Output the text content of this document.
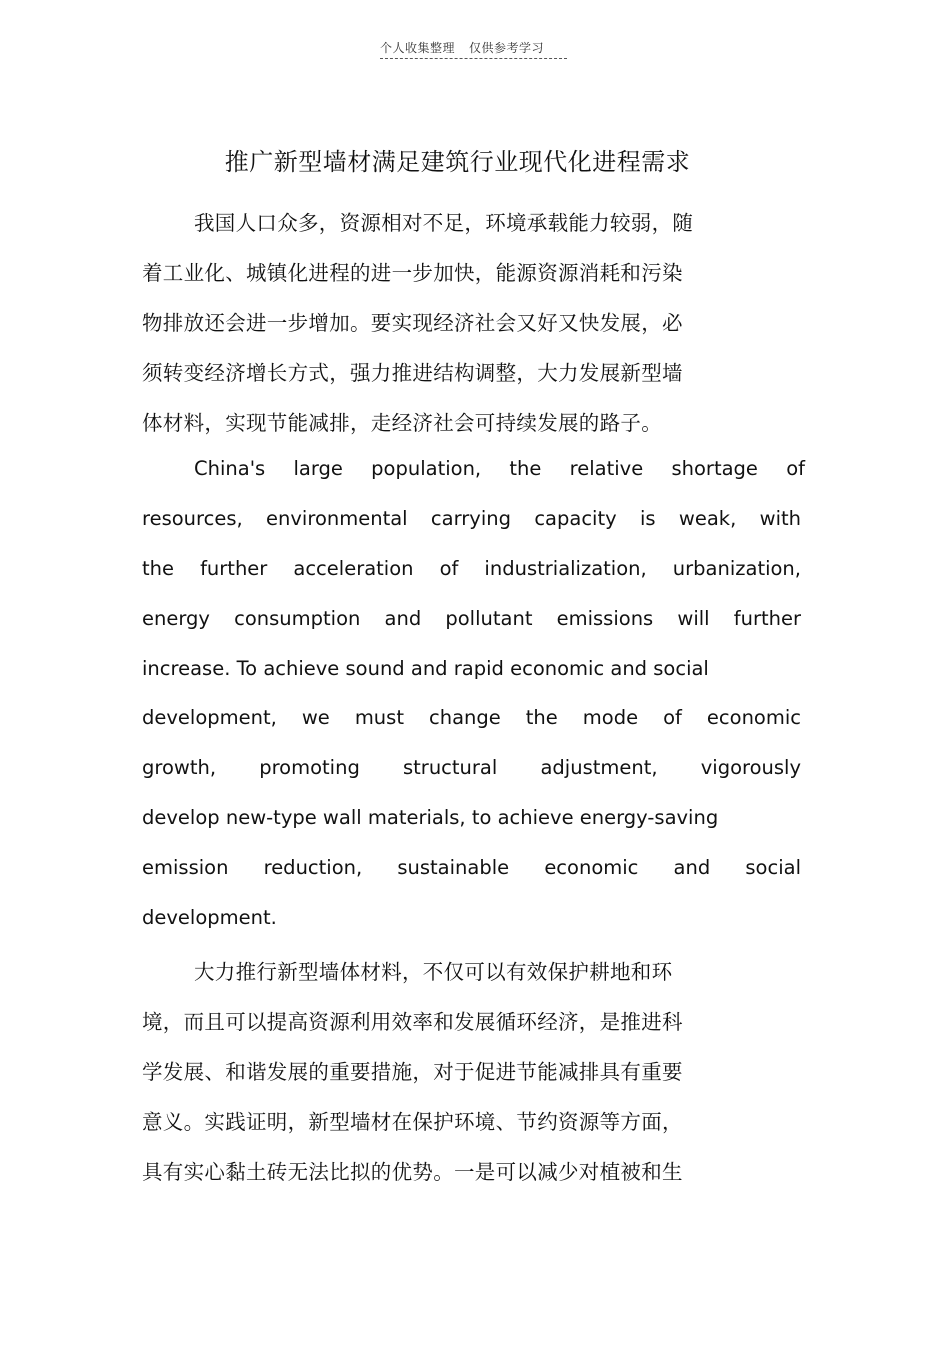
个人收集整理 仅供参考学习
推广新型墙材满足建筑行业现代化进程需求
我国人口众多，资源相对不足，环境承载能力较弱，随
着工业化、城镇化进程的进一步加快，能源资源消耗和污染
物排放还会进一步增加。要实现经济社会又好又快发展，必
须转变经济增长方式，强力推进结构调整，大力发展新型墙
体材料，实现节能减排，走经济社会可持续发展的路子。
China's large population, the relative shortage of
resources, environmental carrying capacity is weak, with
the further acceleration of industrialization, urbanization,
energy consumption and pollutant emissions will further
increase. To achieve sound and rapid economic and social
development, we must change the mode of economic
growth, promoting structural adjustment, vigorously
develop new-type wall materials, to achieve energy-saving
emission reduction, sustainable economic and social
development.
大力推行新型墙体材料，不仅可以有效保护耕地和环
境，而且可以提高资源利用效率和发展循环经济，是推进科
学发展、和谐发展的重要措施，对于促进节能减排具有重要
意义。实践证明，新型墙材在保护环境、节约资源等方面，
具有实心黏土砖无法比拟的优势。一是可以减少对植被和生
